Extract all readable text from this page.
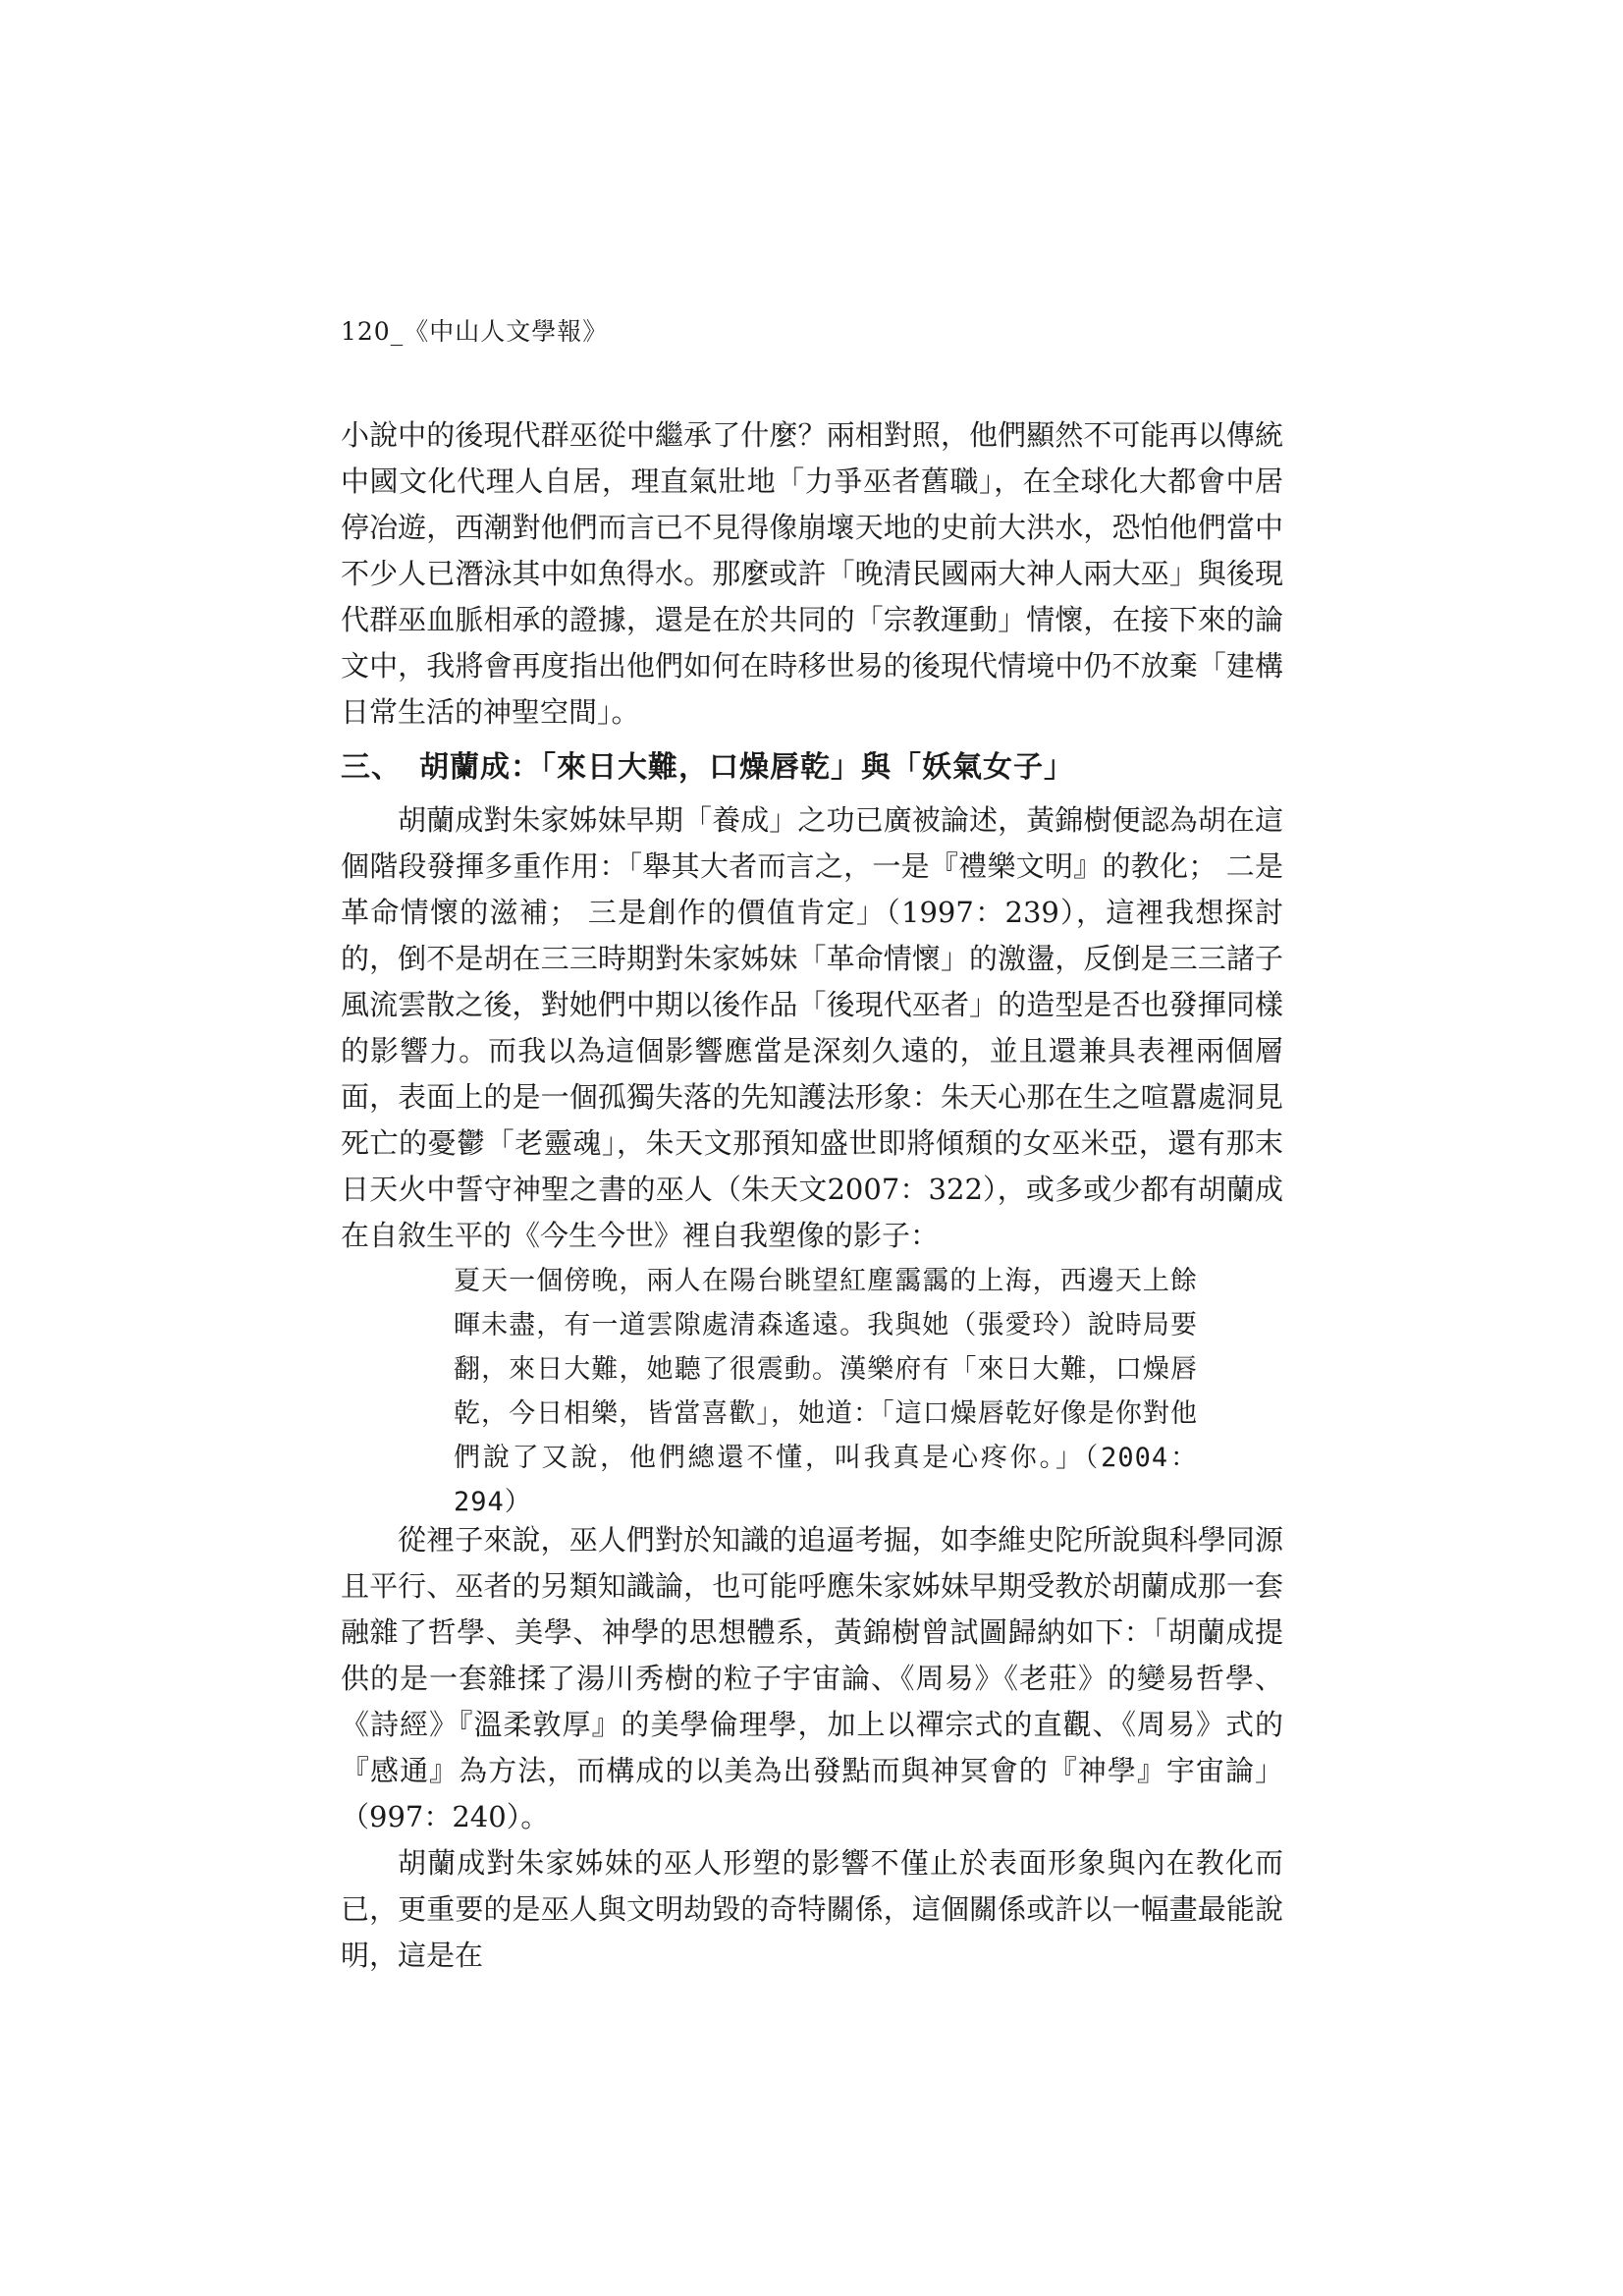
120_《中山人文學報》

小說中的後現代群巫從中繼承了什麼？兩相對照，他們顯然不可能再以傳統中國文化代理人自居，理直氣壯地「力爭巫者舊職」，在全球化大都會中居停冶遊，西潮對他們而言已不見得像崩壞天地的史前大洪水，恐怕他們當中不少人已潛泳其中如魚得水。那麼或許「晚清民國兩大神人兩大巫」與後現代群巫血脈相承的證據，還是在於共同的「宗教運動」情懷，在接下來的論文中，我將會再度指出他們如何在時移世易的後現代情境中仍不放棄「建構日常生活的神聖空間」。

三、 胡蘭成：「來日大難，口燥唇乾」與「妖氣女子」

胡蘭成對朱家姊妹早期「養成」之功已廣被論述，黃錦樹便認為胡在這個階段發揮多重作用：「舉其大者而言之，一是『禮樂文明』的教化； 二是革命情懷的滋補； 三是創作的價值肯定」（1997：239），這裡我想探討的，倒不是胡在三三時期對朱家姊妹「革命情懷」的激盪，反倒是三三諸子風流雲散之後，對她們中期以後作品「後現代巫者」的造型是否也發揮同樣的影響力。而我以為這個影響應當是深刻久遠的，並且還兼具表裡兩個層面，表面上的是一個孤獨失落的先知護法形象：朱天心那在生之喧囂處洞見死亡的憂鬱「老靈魂」，朱天文那預知盛世即將傾頹的女巫米亞，還有那末日天火中誓守神聖之書的巫人（朱天文2007：322），或多或少都有胡蘭成在自敘生平的《今生今世》裡自我塑像的影子：

夏天一個傍晚，兩人在陽台眺望紅塵靄靄的上海，西邊天上餘暉未盡，有一道雲隙處清森遙遠。我與她（張愛玲）說時局要翻，來日大難，她聽了很震動。漢樂府有「來日大難，口燥唇乾，今日相樂，皆當喜歡」，她道：「這口燥唇乾好像是你對他們說了又說，他們總還不懂，叫我真是心疼你。」（2004：294）

從裡子來說，巫人們對於知識的追逼考掘，如李維史陀所說與科學同源且平行、巫者的另類知識論，也可能呼應朱家姊妹早期受教於胡蘭成那一套融雜了哲學、美學、神學的思想體系，黃錦樹曾試圖歸納如下：「胡蘭成提供的是一套雜揉了湯川秀樹的粒子宇宙論、《周易》《老莊》的變易哲學、《詩經》『溫柔敦厚』的美學倫理學，加上以禪宗式的直觀、《周易》式的『感通』為方法，而構成的以美為出發點而與神冥會的『神學』宇宙論」（997：240）。

胡蘭成對朱家姊妹的巫人形塑的影響不僅止於表面形象與內在教化而已，更重要的是巫人與文明劫毀的奇特關係，這個關係或許以一幅畫最能說明，這是在
